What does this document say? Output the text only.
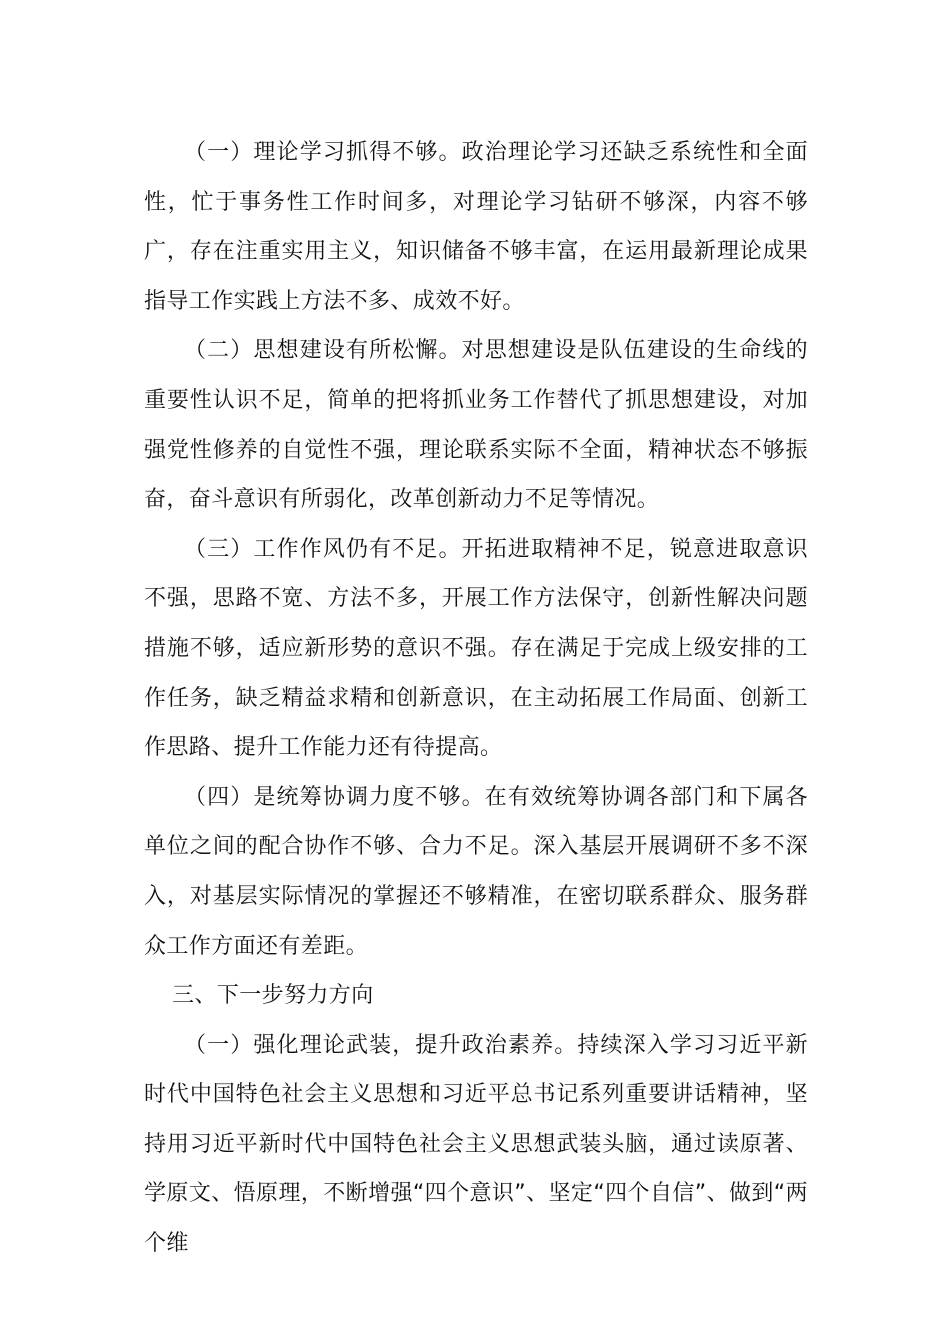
（一）理论学习抓得不够。政治理论学习还缺乏系统性和全面性，忙于事务性工作时间多，对理论学习钻研不够深，内容不够广，存在注重实用主义，知识储备不够丰富，在运用最新理论成果指导工作实践上方法不多、成效不好。

（二）思想建设有所松懈。对思想建设是队伍建设的生命线的重要性认识不足，简单的把将抓业务工作替代了抓思想建设，对加强党性修养的自觉性不强，理论联系实际不全面，精神状态不够振奋，奋斗意识有所弱化，改革创新动力不足等情况。

（三）工作作风仍有不足。开拓进取精神不足，锐意进取意识不强，思路不宽、方法不多，开展工作方法保守，创新性解决问题措施不够，适应新形势的意识不强。存在满足于完成上级安排的工作任务，缺乏精益求精和创新意识，在主动拓展工作局面、创新工作思路、提升工作能力还有待提高。

（四）是统筹协调力度不够。在有效统筹协调各部门和下属各单位之间的配合协作不够、合力不足。深入基层开展调研不多不深入，对基层实际情况的掌握还不够精准，在密切联系群众、服务群众工作方面还有差距。

三、下一步努力方向

（一）强化理论武装，提升政治素养。持续深入学习习近平新时代中国特色社会主义思想和习近平总书记系列重要讲话精神，坚持用习近平新时代中国特色社会主义思想武装头脑，通过读原著、学原文、悟原理，不断增强“四个意识”、坚定“四个自信”、做到“两个维
